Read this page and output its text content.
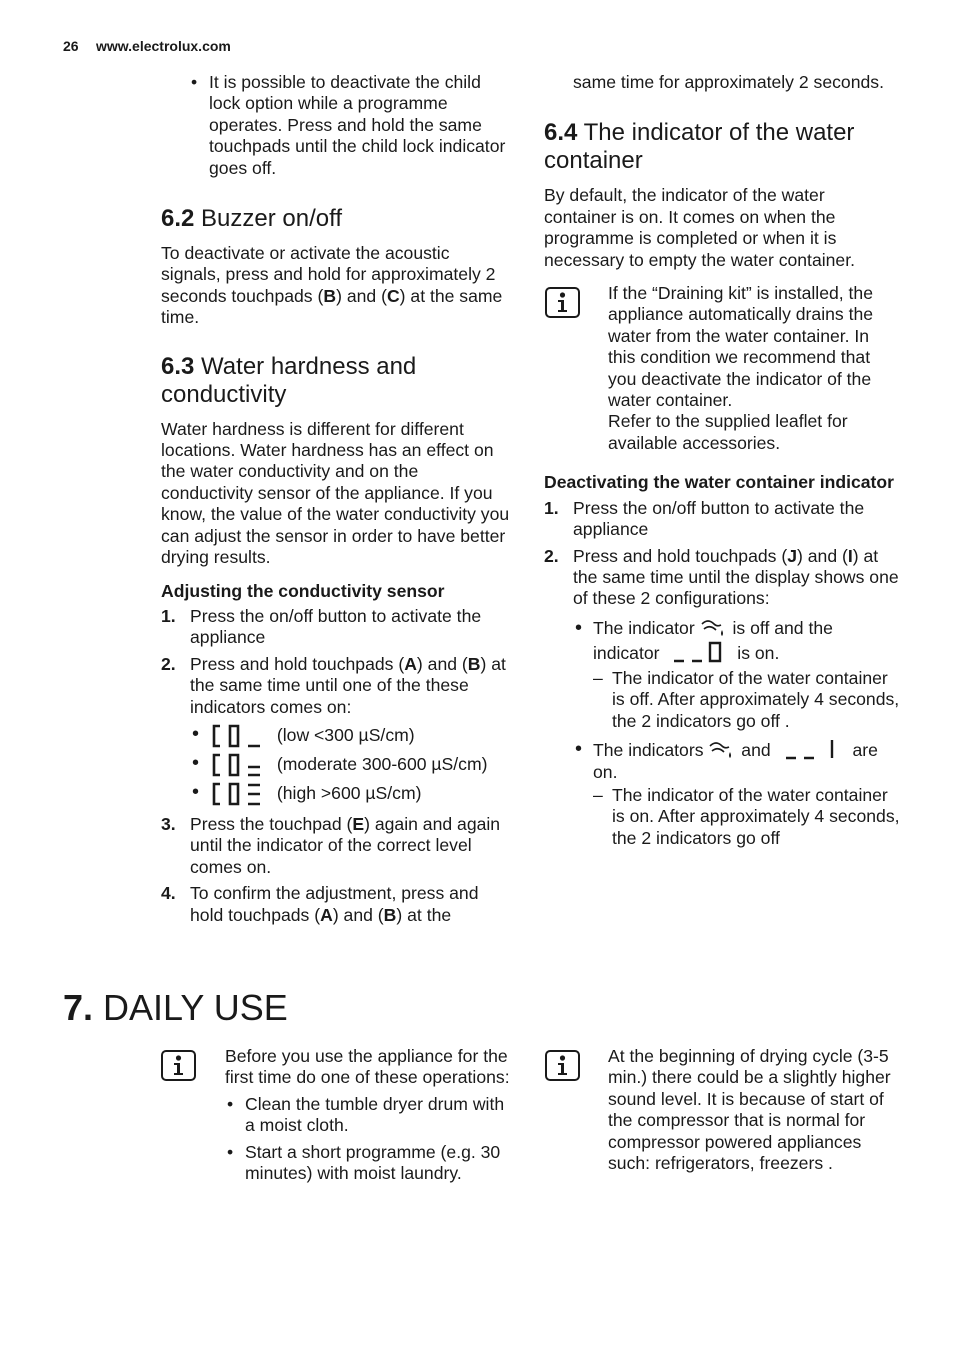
26 www.electrolux.com
• It is possible to deactivate the child lock option while a programme operates. Press and hold the same touchpads until the child lock indicator goes off.
6.2 Buzzer on/off

To deactivate or activate the acoustic signals, press and hold for approximately 2 seconds touchpads (B) and (C) at the same time.

6.3 Water hardness and
conductivity

Water hardness is different for different locations. Water hardness has an effect on the water conductivity and on the conductivity sensor of the appliance. If you know, the value of the water conductivity you can adjust the sensor in order to have better drying results.

Adjusting the conductivity sensor

1. Press the on/off button to activate the appliance
2. Press and hold touchpads (A) and (B) at the same time until one of the these indicators comes on:
• (low <300 µS/cm)
• (moderate 300-600 µS/cm)
• (high >600 µS/cm)
3. Press the touchpad (E) again and again until the indicator of the correct level comes on.
4. To confirm the adjustment, press and hold touchpads (A) and (B) at the

same time for approximately 2 seconds.

6.4 The indicator of the water
container

By default, the indicator of the water container is on. It comes on when the programme is completed or when it is necessary to empty the water container.

If the “Draining kit” is installed, the appliance automatically drains the water from the water container. In this condition we recommend that you deactivate the indicator of the water container.

Refer to the supplied leaflet for available accessories.

Deactivating the water container indicator

1. Press the on/off button to activate the appliance
2. Press and hold touchpads (J) and (I) at the same time until the display shows one of these 2 configurations:
• The indicator is off and the indicator	is on.
– The indicator of the water container is off. After approximately 4 seconds, the 2 indicators go off .
• The indicators and	are on.
– The indicator of the water container is on. After approximately 4 seconds, the 2 indicators go off
7. DAILY USE

Before you use the appliance for the first time do one of these operations:

• Clean the tumble dryer drum with a moist cloth.
• Start a short programme (e.g. 30 minutes) with moist laundry.

At the beginning of drying cycle (3-5 min.) there could be a slightly higher sound level. It is because of start of the compressor that is normal for compressor powered appliances such: refrigerators, freezers .
